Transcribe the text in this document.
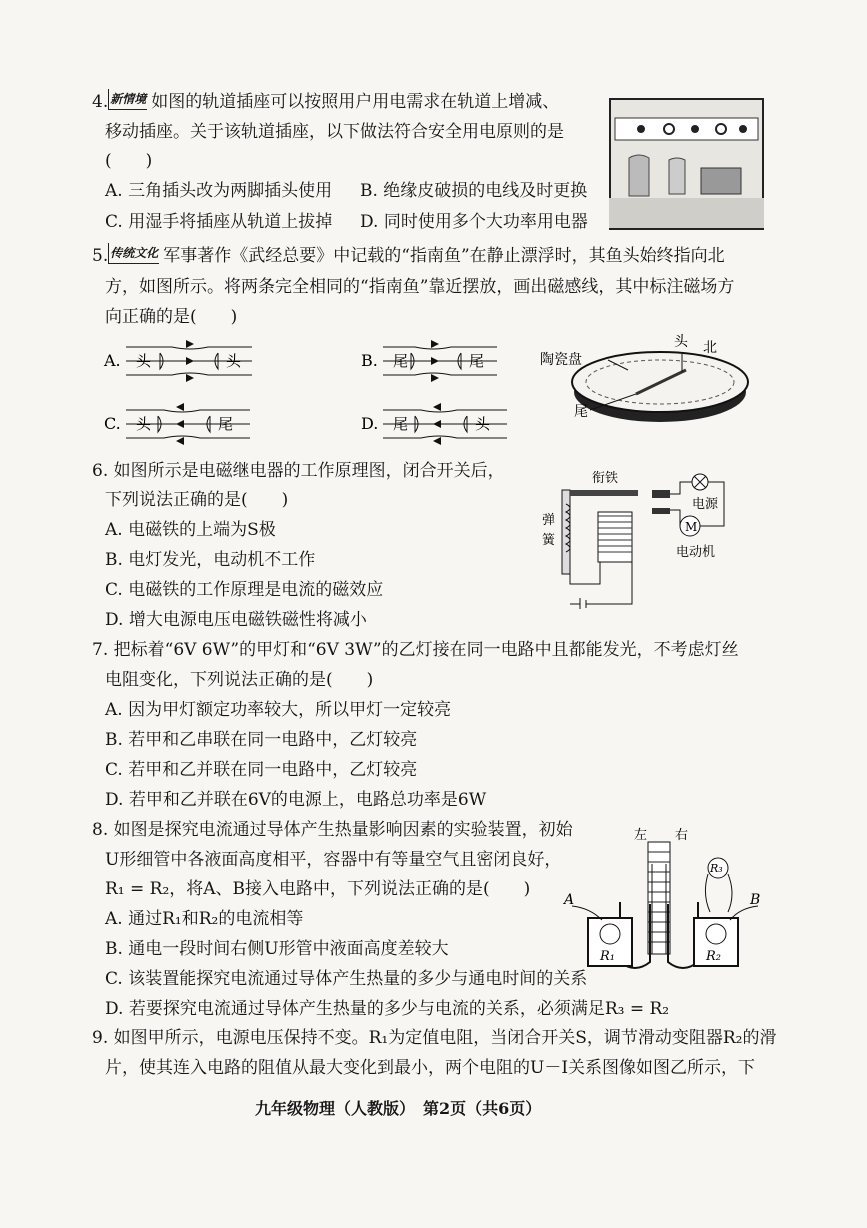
4. 新情境 如图的轨道插座可以按照用户用电需求在轨道上增减、
移动插座。关于该轨道插座，以下做法符合安全用电原则的是
(　　)
A. 三角插头改为两脚插头使用 B. 绝缘皮破损的电线及时更换
C. 用湿手将插座从轨道上拔掉 D. 同时使用多个大功率用电器
5. 传统文化 军事著作《武经总要》中记载的“指南鱼”在静止漂浮时，其鱼头始终指向北
方，如图所示。将两条完全相同的“指南鱼”靠近摆放，画出磁感线，其中标注磁场方
向正确的是(　　)
A. 头	头	B. 尾	尾
C. 头	尾	D. 尾	头
头 北
陶瓷盘
尾
6. 如图所示是电磁继电器的工作原理图，闭合开关后，
下列说法正确的是(　　)
A. 电磁铁的上端为S极
B. 电灯发光，电动机不工作
C. 电磁铁的工作原理是电流的磁效应
D. 增大电源电压电磁铁磁性将减小
M
衔铁
电源
电动机
弹
簧
7. 把标着“6V 6W”的甲灯和“6V 3W”的乙灯接在同一电路中且都能发光，不考虑灯丝
电阻变化，下列说法正确的是(　　)
A. 因为甲灯额定功率较大，所以甲灯一定较亮
B. 若甲和乙串联在同一电路中，乙灯较亮
C. 若甲和乙并联在同一电路中，乙灯较亮
D. 若甲和乙并联在6V的电源上，电路总功率是6W
8. 如图是探究电流通过导体产生热量影响因素的实验装置，初始
U形细管中各液面高度相平，容器中有等量空气且密闭良好，
R₁ = R₂，将A、B接入电路中，下列说法正确的是(　　)
A. 通过R₁和R₂的电流相等
B. 通电一段时间右侧U形管中液面高度差较大
C. 该装置能探究电流通过导体产生热量的多少与通电时间的关系
D. 若要探究电流通过导体产生热量的多少与电流的关系，必须满足R₃ = R₂
左 右
A	B
R₁	R₂
R₃
9. 如图甲所示，电源电压保持不变。R₁为定值电阻，当闭合开关S，调节滑动变阻器R₂的滑
片，使其连入电路的阻值从最大变化到最小，两个电阻的U－I关系图像如图乙所示，下
九年级物理（人教版）　第2页（共6页）
